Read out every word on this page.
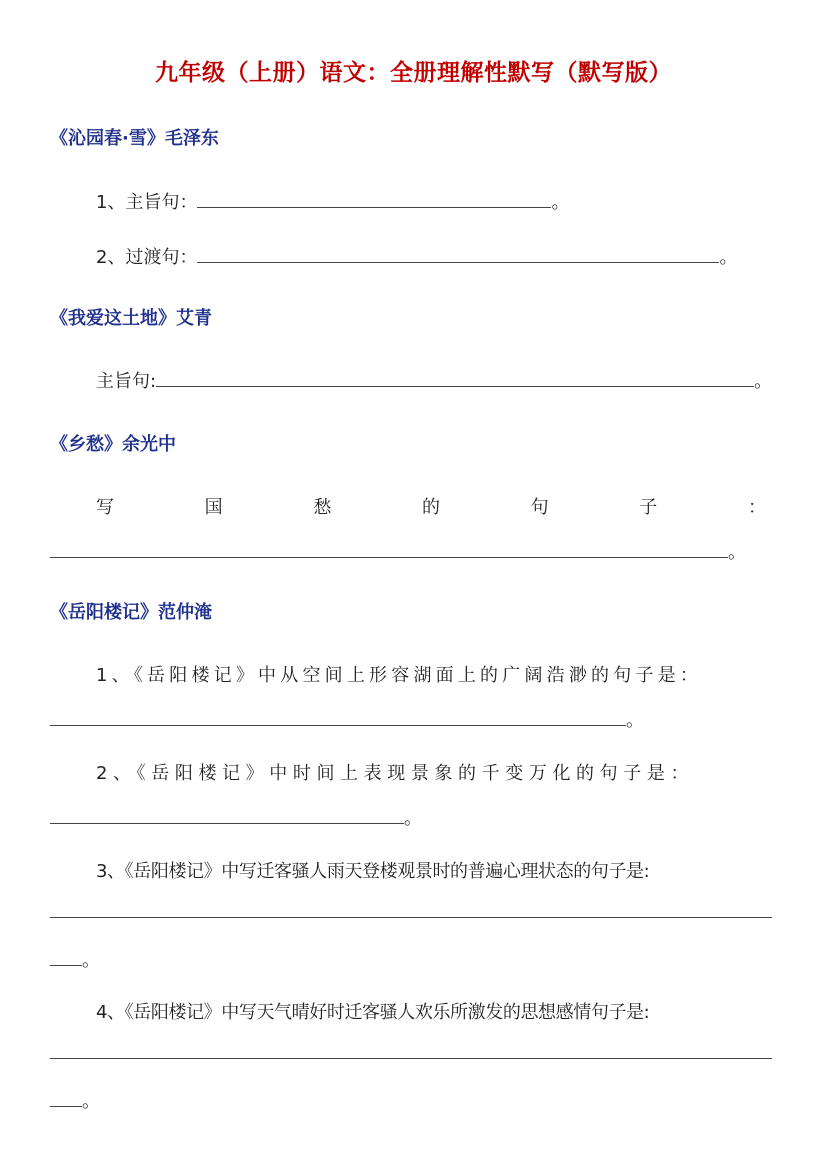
九年级（上册）语文：全册理解性默写（默写版）
《沁园春·雪》毛泽东
1、主旨句：	。
2、过渡句：	。
《我爱这土地》艾青
主旨句:	。
《乡愁》余光中
写	国	愁	的	句	子	：
。
《岳阳楼记》范仲淹
1、《岳阳楼记》中从空间上形容湖面上的广阔浩渺的句子是：
。
2、《岳阳楼记》中时间上表现景象的千变万化的句子是：
。
3、《岳阳楼记》中写迁客骚人雨天登楼观景时的普遍心理状态的句子是:
。
4、《岳阳楼记》中写天气晴好时迁客骚人欢乐所激发的思想感情句子是:
。
